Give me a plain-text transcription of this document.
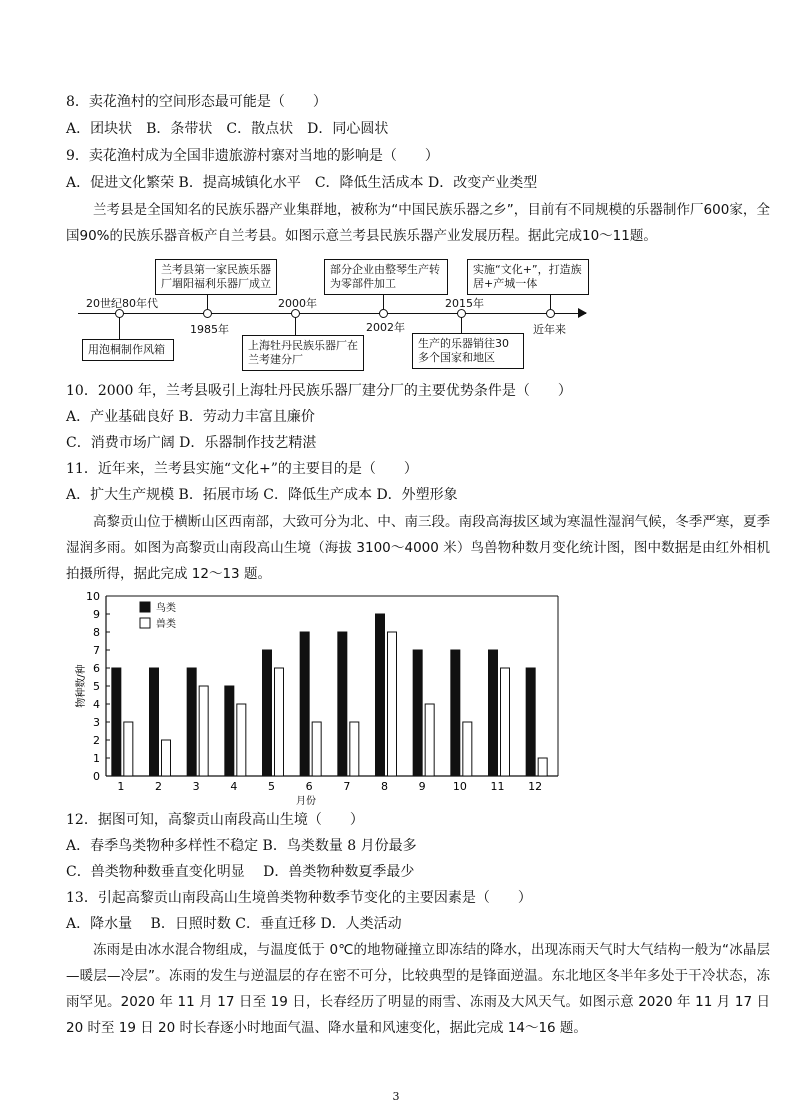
8．卖花渔村的空间形态最可能是（　　）
A．团块状　B．条带状　C．散点状　D．同心圆状
9．卖花渔村成为全国非遗旅游村寨对当地的影响是（　　）
A．促进文化繁荣 B．提高城镇化水平　C．降低生活成本 D．改变产业类型
兰考县是全国知名的民族乐器产业集群地，被称为“中国民族乐器之乡”，目前有不同规模的乐器制作厂600家，全国90%的民族乐器音板产自兰考县。如图示意兰考县民族乐器产业发展历程。据此完成10～11题。
20世纪80年代
1985年
2000年
2002年
2015年
近年来
兰考县第一家民族乐器厂堌阳福利乐器厂成立
部分企业由整琴生产转为零部件加工
实施“文化+”，打造族居+产城一体
用泡桐制作风箱	上海牡丹民族乐器厂在兰考建分厂
生产的乐器销往30多个国家和地区
10．2000 年，兰考县吸引上海牡丹民族乐器厂建分厂的主要优势条件是（　　）
A．产业基础良好 B．劳动力丰富且廉价
C．消费市场广阔 D．乐器制作技艺精湛
11．近年来，兰考县实施“文化+”的主要目的是（　　）
A．扩大生产规模 B．拓展市场 C．降低生产成本 D．外塑形象
高黎贡山位于横断山区西南部，大致可分为北、中、南三段。南段高海拔区域为寒温性湿润气候，冬季严寒，夏季湿润多雨。如图为高黎贡山南段高山生境（海拔 3100～4000 米）鸟兽物种数月变化统计图，图中数据是由红外相机拍摄所得，据此完成 12～13 题。
0
1
2
3
4
5
6
7
8
9
10
物种数/种
1	2	3	4	5	6	7	8	9 10 11 12
月份
鸟类
兽类
12．据图可知，高黎贡山南段高山生境（　　）
A．春季鸟类物种多样性不稳定 B．鸟类数量 8 月份最多
C．兽类物种数垂直变化明显　 D．兽类物种数夏季最少
13．引起高黎贡山南段高山生境兽类物种数季节变化的主要因素是（　　）
A．降水量　 B．日照时数 C．垂直迁移 D．人类活动
冻雨是由冰水混合物组成，与温度低于 0℃的地物碰撞立即冻结的降水，出现冻雨天气时大气结构一般为“冰晶层—暖层—冷层”。冻雨的发生与逆温层的存在密不可分，比较典型的是锋面逆温。东北地区冬半年多处于干冷状态，冻雨罕见。2020 年 11 月 17 日至 19 日，长春经历了明显的雨雪、冻雨及大风天气。如图示意 2020 年 11 月 17 日 20 时至 19 日 20 时长春逐小时地面气温、降水量和风速变化，据此完成 14～16 题。
3
